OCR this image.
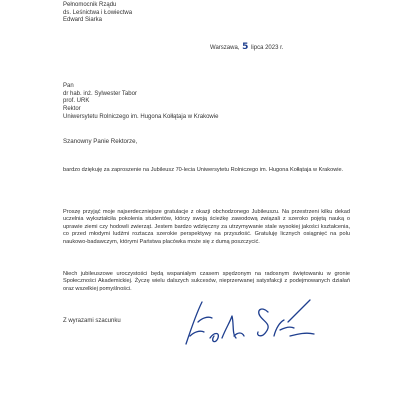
Pełnomocnik Rządu
ds. Leśnictwa i Łowiectwa
Edward Siarka
Warszawa, 5 lipca 2023 r.
Pan
dr hab. inż. Sylwester Tabor
prof. URK
Rektor
Uniwersytetu Rolniczego im. Hugona Kołłątaja w Krakowie
Szanowny Panie Rektorze,
bardzo dziękuję za zaproszenie na Jubileusz 70-lecia Uniwersytetu Rolniczego im. Hugona Kołłątaja w Krakowie.
Proszę przyjąć moje najserdeczniejsze gratulacje z okazji obchodzonego Jubileuszu. Na przestrzeni kilku dekad uczelnia wykształciła pokolenia studentów, którzy swoją ścieżkę zawodową związali z szeroko pojętą nauką o uprawie ziemi czy hodowli zwierząt. Jestem bardzo wdzięczny za utrzymywanie stale wysokiej jakości kształcenia, co przed młodymi ludźmi roztacza szerokie perspektywy na przyszłość. Gratuluję licznych osiągnięć na polu naukowo-badawczym, którymi Państwa placówka może się z dumą poszczycić.
Niech jubileuszowe uroczystości będą wspaniałym czasem spędzonym na radosnym świętowaniu w gronie Społeczności Akademickiej. Życzę wielu dalszych sukcesów, nieprzerwanej satysfakcji z podejmowanych działań oraz wszelkiej pomyślności.
Z wyrazami szacunku
